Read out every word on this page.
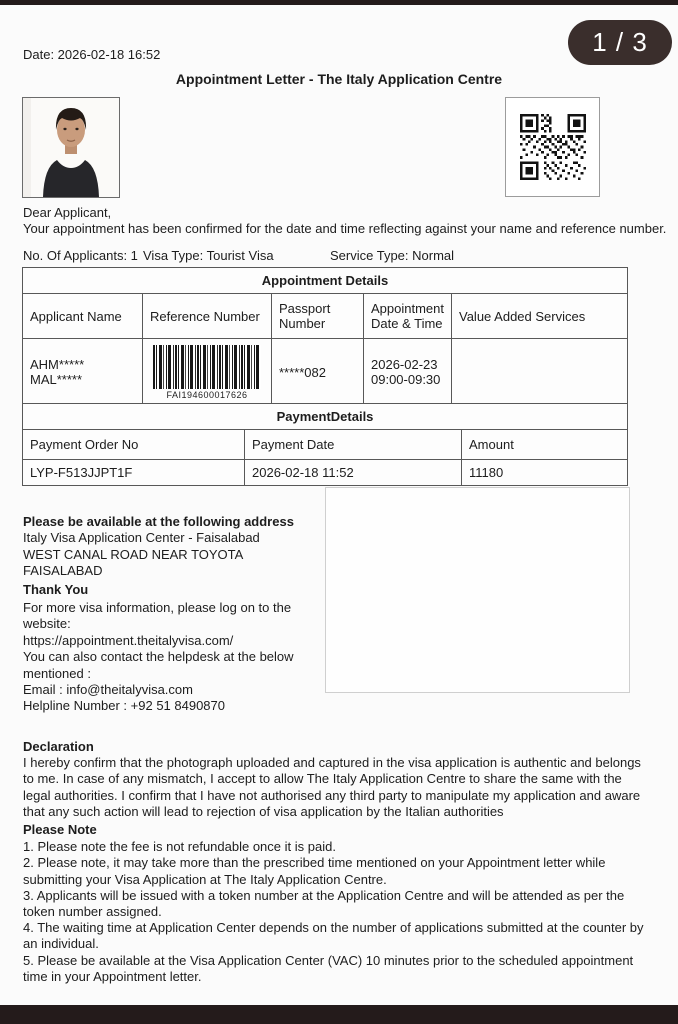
1 / 3
Date: 2026-02-18 16:52
Appointment Letter - The Italy Application Centre
Dear Applicant,
Your appointment has been confirmed for the date and time reflecting against your name and reference number.
No. Of Applicants: 1 Visa Type: Tourist Visa	Service Type: Normal
Appointment Details				
Applicant Name	Reference Number	Passport Number	Appointment Date & Time	Value Added Services
AHM***** MAL*****	FAI194600017626	*****082	2026-02-23 09:00-09:30	
PaymentDetails		
Payment Order No	Payment Date	Amount
LYP-F513JJPT1F	2026-02-18 11:52	11180
Please be available at the following address
Italy Visa Application Center - Faisalabad
WEST CANAL ROAD NEAR TOYOTA FAISALABAD
Thank You
For more visa information, please log on to the website:
https://appointment.theitalyvisa.com/
You can also contact the helpdesk at the below
mentioned :
Email : info@theitalyvisa.com
Helpline Number : +92 51 8490870
Declaration
I hereby confirm that the photograph uploaded and captured in the visa application is authentic and belongs to me. In case of any mismatch, I accept to allow The Italy Application Centre to share the same with the legal authorities. I confirm that I have not authorised any third party to manipulate my application and aware that any such action will lead to rejection of visa application by the Italian authorities
Please Note
1. Please note the fee is not refundable once it is paid.
2. Please note, it may take more than the prescribed time mentioned on your Appointment letter while submitting your Visa Application at The Italy Application Centre.
3. Applicants will be issued with a token number at the Application Centre and will be attended as per the token number assigned.
4. The waiting time at Application Center depends on the number of applications submitted at the counter by an individual.
5. Please be available at the Visa Application Center (VAC) 10 minutes prior to the scheduled appointment time in your Appointment letter.
